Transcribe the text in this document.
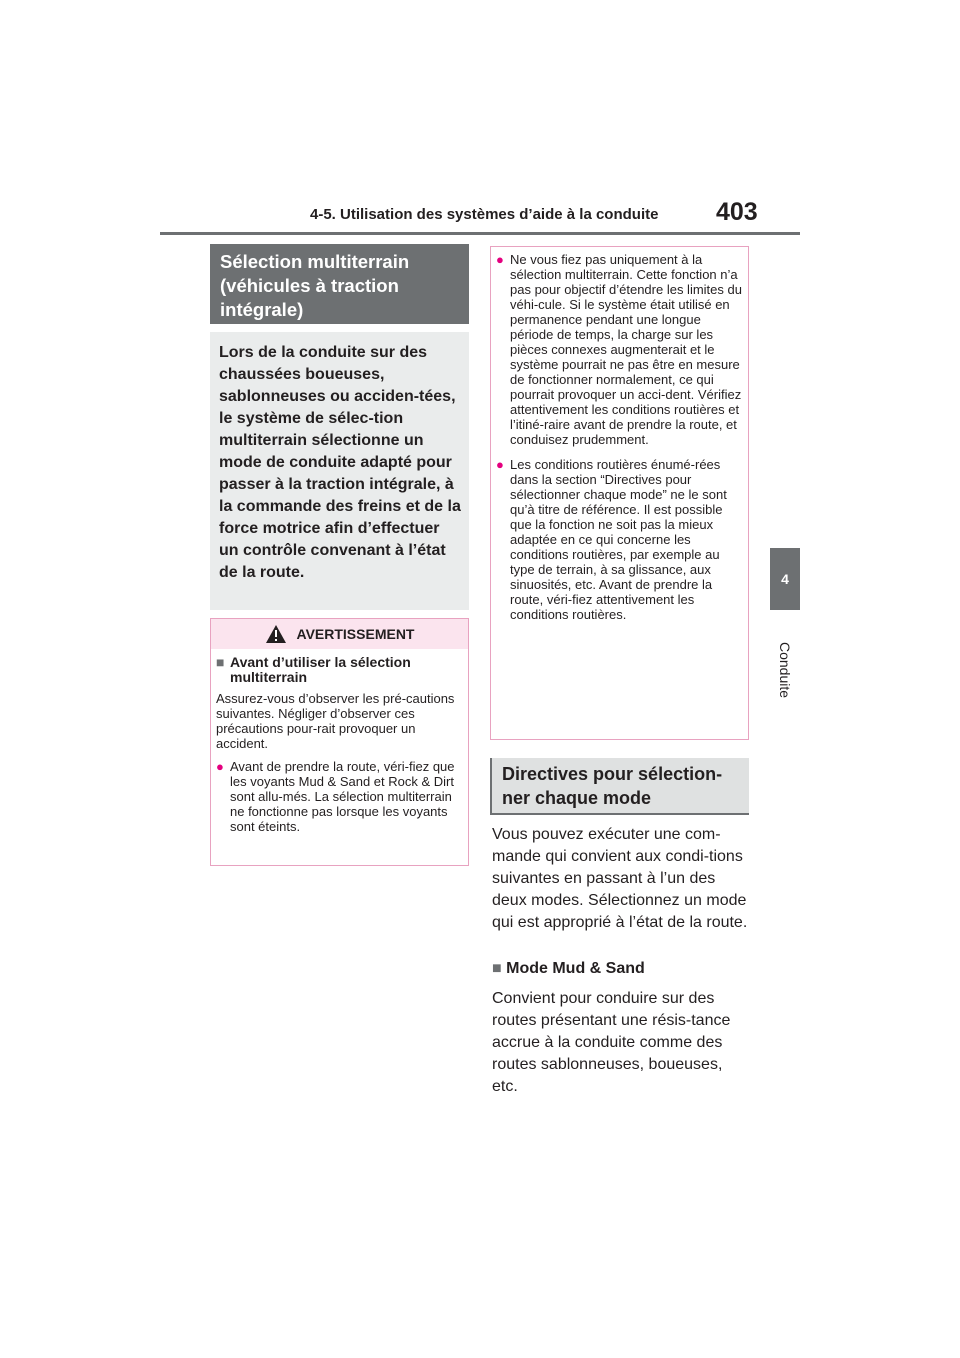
4-5. Utilisation des systèmes d’aide à la conduite 403
4
Conduite
Sélection multiterrain (véhicules à traction intégrale)
Lors de la conduite sur des chaussées boueuses, sablonneuses ou acciden-tées, le système de sélec-tion multiterrain sélectionne un mode de conduite adapté pour passer à la traction intégrale, à la commande des freins et de la force motrice afin d’effectuer un contrôle convenant à l’état de la route.
AVERTISSEMENT
■ Avant d’utiliser la sélection multiterrain
Assurez-vous d’observer les pré-cautions suivantes. Négliger d’observer ces précautions pour-rait provoquer un accident.
● Avant de prendre la route, véri-fiez que les voyants Mud & Sand et Rock & Dirt sont allu-més. La sélection multiterrain ne fonctionne pas lorsque les voyants sont éteints.
● Ne vous fiez pas uniquement à la sélection multiterrain. Cette fonction n’a pas pour objectif d’étendre les limites du véhi-cule. Si le système était utilisé en permanence pendant une longue période de temps, la charge sur les pièces connexes augmenterait et le système pourrait ne pas être en mesure de fonctionner normalement, ce qui pourrait provoquer un acci-dent. Vérifiez attentivement les conditions routières et l’itiné-raire avant de prendre la route, et conduisez prudemment.
● Les conditions routières énumé-rées dans la section “Directives pour sélectionner chaque mode” ne le sont qu’à titre de référence. Il est possible que la fonction ne soit pas la mieux adaptée en ce qui concerne les conditions routières, par exemple au type de terrain, à sa glissance, aux sinuosités, etc. Avant de prendre la route, véri-fiez attentivement les conditions routières.
Directives pour sélection-ner chaque mode
Vous pouvez exécuter une com-mande qui convient aux condi-tions suivantes en passant à l’un des deux modes. Sélectionnez un mode qui est approprié à l’état de la route.
■ Mode Mud & Sand
Convient pour conduire sur des routes présentant une résis-tance accrue à la conduite comme des routes sablonneuses, boueuses, etc.
